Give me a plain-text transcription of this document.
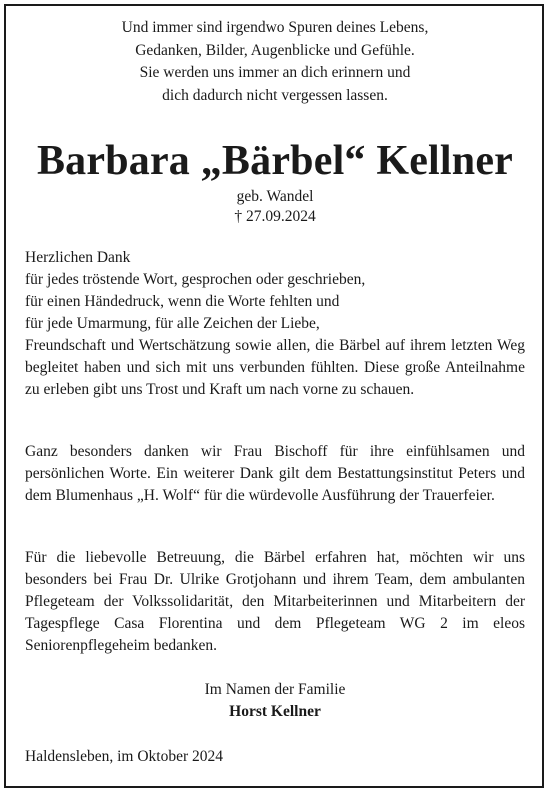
Und immer sind irgendwo Spuren deines Lebens,
Gedanken, Bilder, Augenblicke und Gefühle.
Sie werden uns immer an dich erinnern und
dich dadurch nicht vergessen lassen.
Barbara „Bärbel“ Kellner
geb. Wandel
† 27.09.2024
Herzlichen Dank
für jedes tröstende Wort, gesprochen oder geschrieben,
für einen Händedruck, wenn die Worte fehlten und
für jede Umarmung, für alle Zeichen der Liebe,
Freundschaft und Wertschätzung sowie allen, die Bärbel auf ihrem letzten Weg begleitet haben und sich mit uns verbunden fühlten. Diese große Anteilnahme zu erleben gibt uns Trost und Kraft um nach vorne zu schauen.
Ganz besonders danken wir Frau Bischoff für ihre einfühlsamen und persönlichen Worte. Ein weiterer Dank gilt dem Bestattungsinstitut Peters und dem Blumenhaus „H. Wolf“ für die würdevolle Ausführung der Trauerfeier.
Für die liebevolle Betreuung, die Bärbel erfahren hat, möchten wir uns besonders bei Frau Dr. Ulrike Grotjohann und ihrem Team, dem ambulanten Pflegeteam der Volkssolidarität, den Mitarbeiterinnen und Mitarbeitern der Tagespflege Casa Florentina und dem Pflegeteam WG 2 im eleos Seniorenpflegeheim bedanken.
Im Namen der Familie
Horst Kellner
Haldensleben, im Oktober 2024
